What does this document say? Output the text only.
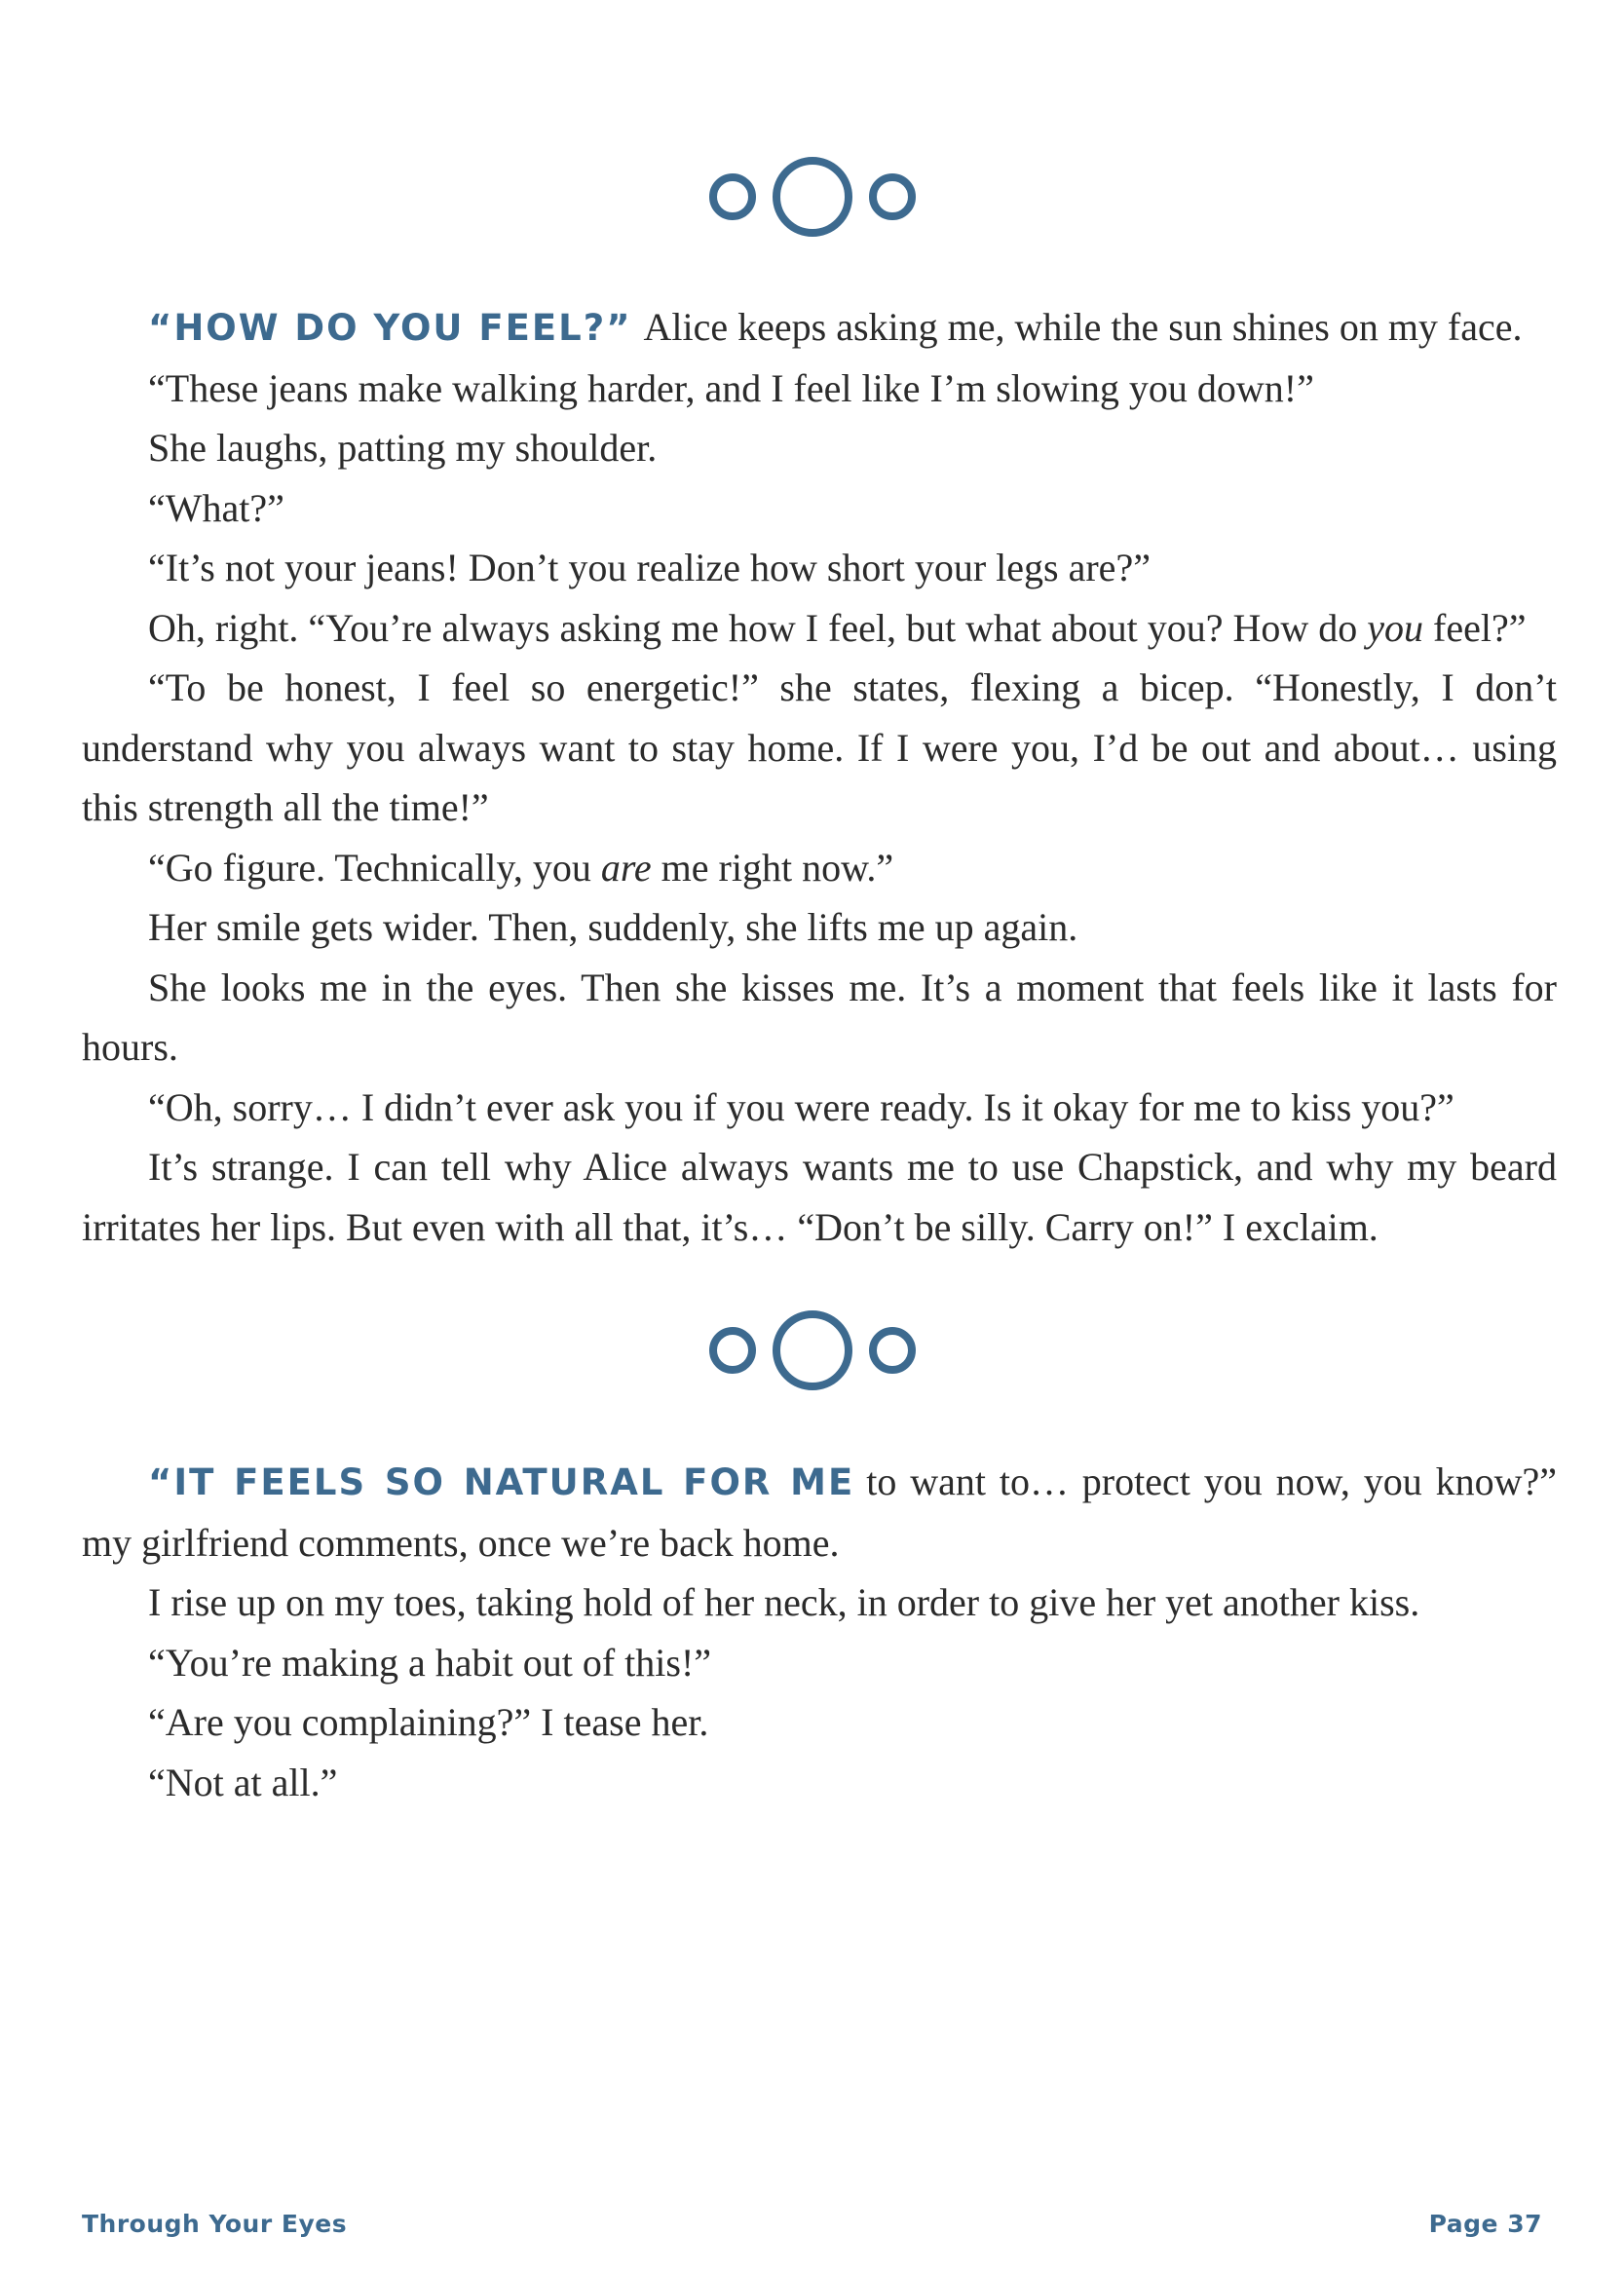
“HOW DO YOU FEEL?” Alice keeps asking me, while the sun shines on my face.

“These jeans make walking harder, and I feel like I’m slowing you down!”

She laughs, patting my shoulder.

“What?”

“It’s not your jeans! Don’t you realize how short your legs are?”

Oh, right. “You’re always asking me how I feel, but what about you? How do you feel?”

“To be honest, I feel so energetic!” she states, flexing a bicep. “Honestly, I don’t understand why you always want to stay home. If I were you, I’d be out and about… using this strength all the time!”

“Go figure. Technically, you are me right now.”

Her smile gets wider. Then, suddenly, she lifts me up again.

She looks me in the eyes. Then she kisses me. It’s a moment that feels like it lasts for hours.

“Oh, sorry… I didn’t ever ask you if you were ready. Is it okay for me to kiss you?”

It’s strange. I can tell why Alice always wants me to use Chapstick, and why my beard irritates her lips. But even with all that, it’s… “Don’t be silly. Carry on!” I exclaim.

“IT FEELS SO NATURAL FOR ME to want to… protect you now, you know?” my girlfriend comments, once we’re back home.

I rise up on my toes, taking hold of her neck, in order to give her yet another kiss.

“You’re making a habit out of this!”

“Are you complaining?” I tease her.

“Not at all.”

Through Your Eyes	Page 37
